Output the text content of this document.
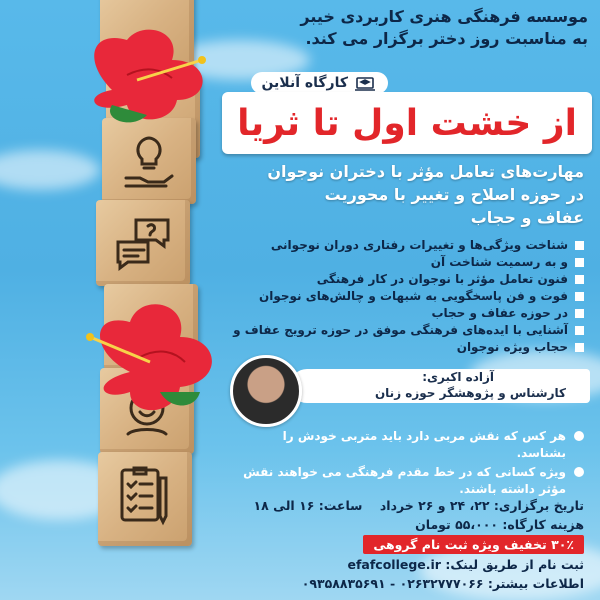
موسسه فرهنگی هنری کاربردی خیبر
به مناسبت روز دختر برگزار می کند.
کارگاه آنلاین
از خشت اول تا ثریا
مهارت‌های تعامل مؤثر با دختران نوجوان
در حوزه اصلاح و تغییر با محوریت
عفاف و حجاب
شناخت ویژگی‌ها و تغییرات رفتاری دوران نوجوانی
و به رسمیت شناخت آن
فنون تعامل مؤثر با نوجوان در کار فرهنگی
فوت و فن پاسخگویی به شبهات و چالش‌های نوجوان
در حوزه عفاف و حجاب
آشنایی با ایده‌های فرهنگی موفق در حوزه ترویج عفاف و
حجاب ویژه نوجوان
آزاده اکبری:
کارشناس و پژوهشگر حوزه زنان
هر کس که نقش مربی دارد باید متربی خودش را بشناسد.
ویژه کسانی که در خط مقدم فرهنگی می خواهند نقش مؤثر داشته باشند.
تاریخ برگزاری: ۲۲، ۲۴ و ۲۶ خرداد    ساعت: ۱۶ الی ۱۸
هزینه کارگاه: ۵۵،۰۰۰ تومان
۳۰٪ تخفیف ویژه ثبت نام گروهی
ثبت نام از طریق لینک: efafcollege.ir
اطلاعات بیشتر: ۰۲۶۳۲۷۷۷۰۶۶ - ۰۹۳۵۸۸۳۵۶۹۱
